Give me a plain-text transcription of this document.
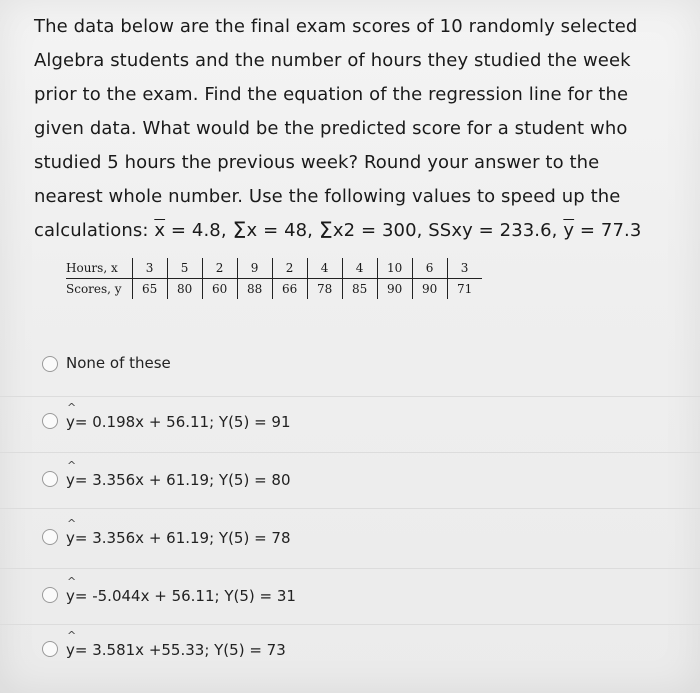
The data below are the final exam scores of 10 randomly selected

Algebra students and the number of hours they studied the week

prior to the exam. Find the equation of the regression line for the

given data. What would be the predicted score for a student who

studied 5 hours the previous week? Round your answer to the

nearest whole number. Use the following values to speed up the

calculations: $\overline{x} = 4.8$, Σx = 48, Σx2 = 300, SSxy = 233.6, $\overline{y} = 77.3$

Hours, x	3	5	2	9	2	4	4	10	6	3
Scores, y	65	80	60	88	66	78	85	90	90	71
None of these
^ y= 0.198x + 56.11; Y(5) = 91
^ y= 3.356x + 61.19; Y(5) = 80
^ y= 3.356x + 61.19; Y(5) = 78
^ y= -5.044x + 56.11; Y(5) = 31
^ y= 3.581x +55.33; Y(5) = 73
